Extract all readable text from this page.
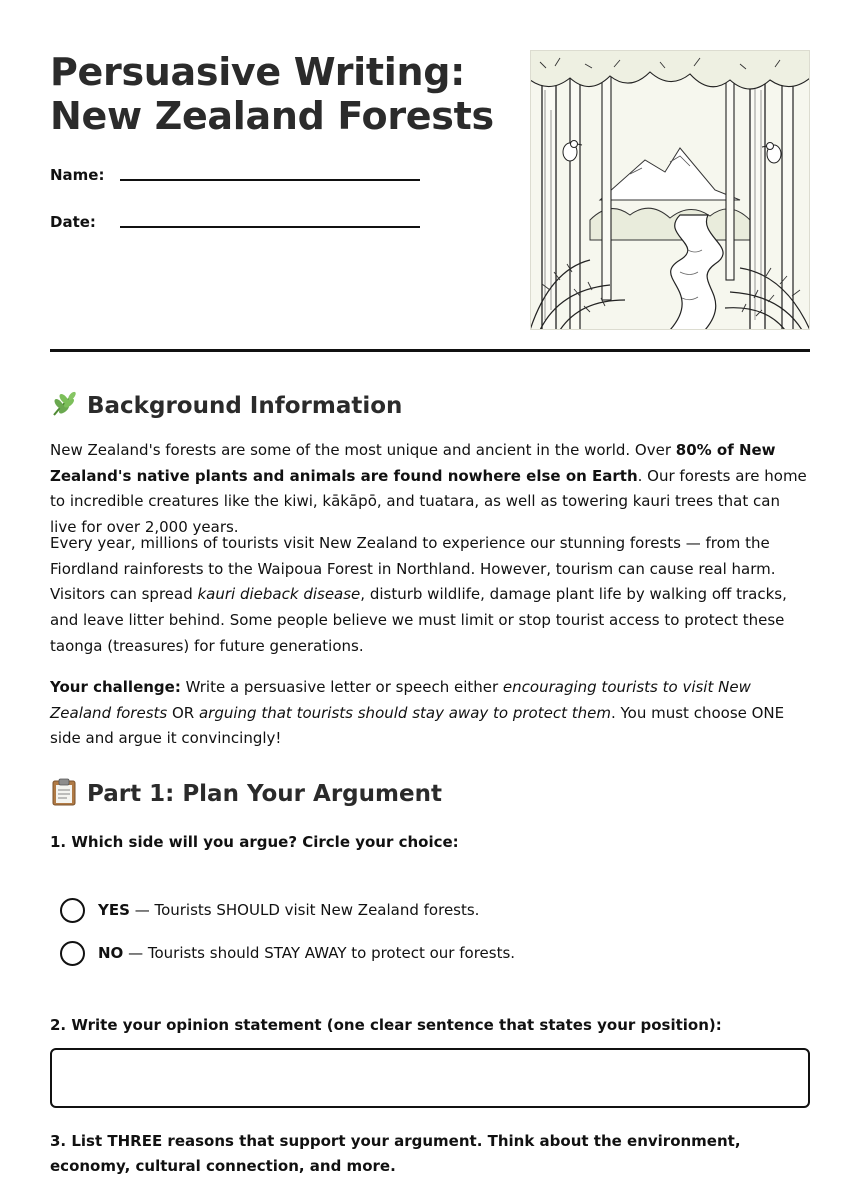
Persuasive Writing: New Zealand Forests
Name:
Date:
Background Information

New Zealand's forests are some of the most unique and ancient in the world. Over 80% of New Zealand's native plants and animals are found nowhere else on Earth. Our forests are home to incredible creatures like the kiwi, kākāpō, and tuatara, as well as towering kauri trees that can live for over 2,000 years.

Every year, millions of tourists visit New Zealand to experience our stunning forests — from the Fiordland rainforests to the Waipoua Forest in Northland. However, tourism can cause real harm. Visitors can spread kauri dieback disease, disturb wildlife, damage plant life by walking off tracks, and leave litter behind. Some people believe we must limit or stop tourist access to protect these taonga (treasures) for future generations.

Your challenge: Write a persuasive letter or speech either encouraging tourists to visit New Zealand forests OR arguing that tourists should stay away to protect them. You must choose ONE side and argue it convincingly!

Part 1: Plan Your Argument

1. Which side will you argue? Circle your choice:

YES — Tourists SHOULD visit New Zealand forests.
NO — Tourists should STAY AWAY to protect our forests.

2. Write your opinion statement (one clear sentence that states your position):

3. List THREE reasons that support your argument. Think about the environment, economy, cultural connection, and more.
